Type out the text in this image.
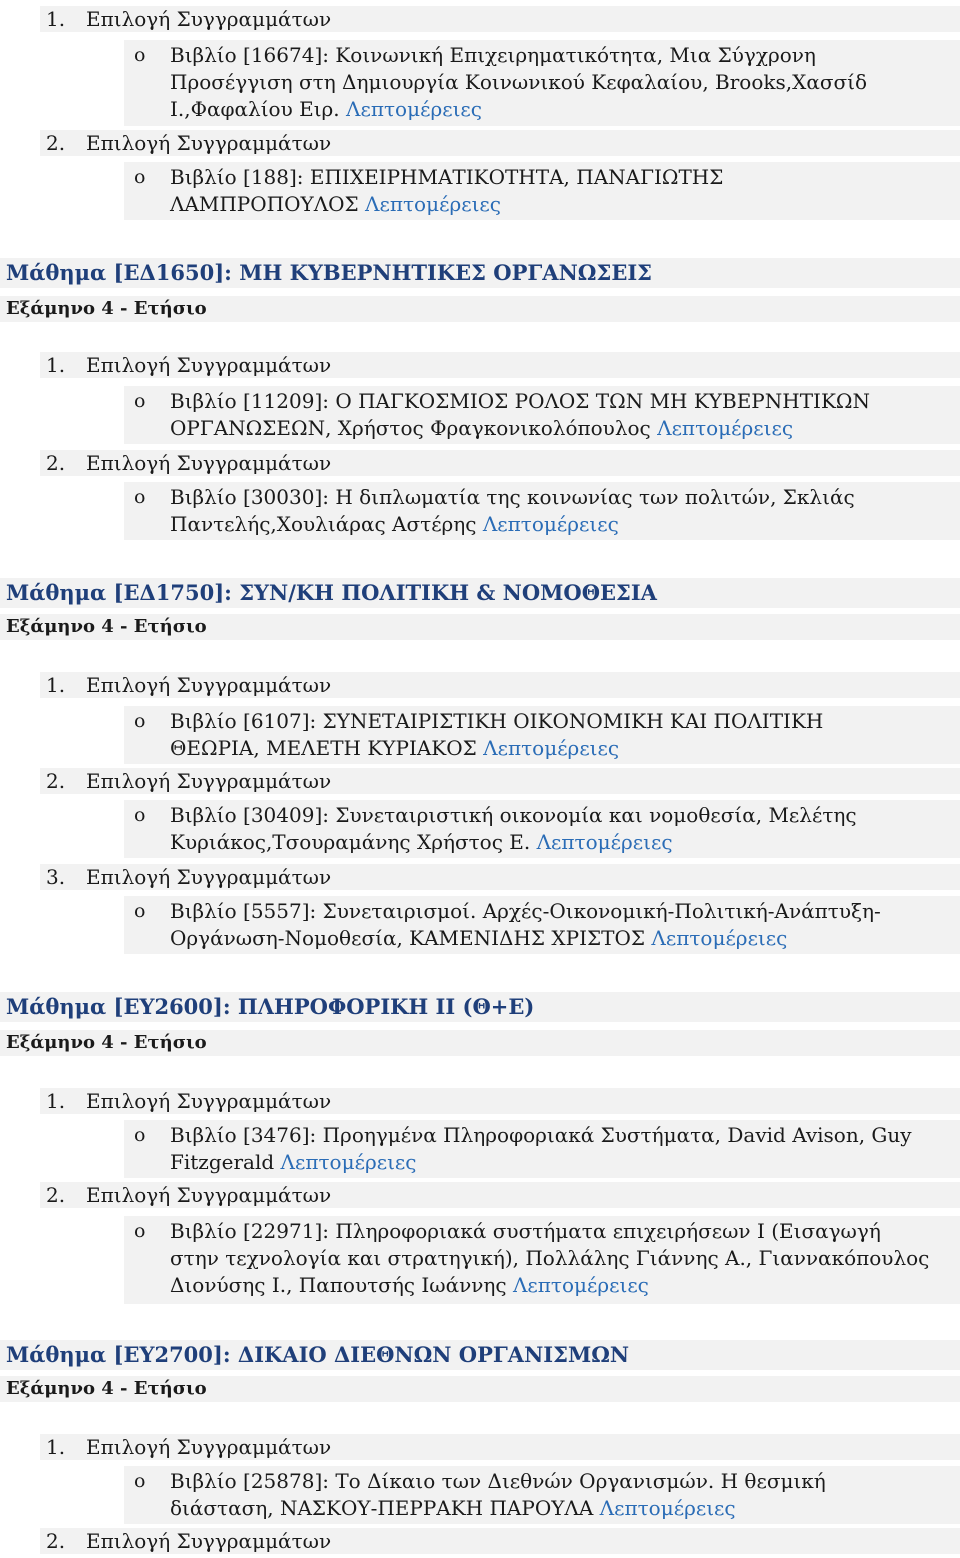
1. Επιλογή Συγγραμμάτων
o Βιβλίο [16674]: Κοινωνική Επιχειρηματικότητα, Μια Σύγχρονη
Προσέγγιση στη Δημιουργία Κοινωνικού Κεφαλαίου, Brooks,Χασσίδ
Ι.,Φαφαλίου Ειρ. Λεπτομέρειες
2. Επιλογή Συγγραμμάτων
o Βιβλίο [188]: ΕΠΙΧΕΙΡΗΜΑΤΙΚΟΤΗΤΑ, ΠΑΝΑΓΙΩΤΗΣ
ΛΑΜΠΡΟΠΟΥΛΟΣ Λεπτομέρειες
Μάθημα [ΕΔ1650]: ΜΗ ΚΥΒΕΡΝΗΤΙΚΕΣ ΟΡΓΑΝΩΣΕΙΣ
Εξάμηνο 4 - Ετήσιο
1. Επιλογή Συγγραμμάτων
o Βιβλίο [11209]: Ο ΠΑΓΚΟΣΜΙΟΣ ΡΟΛΟΣ ΤΩΝ ΜΗ ΚΥΒΕΡΝΗΤΙΚΩΝ
ΟΡΓΑΝΩΣΕΩΝ, Χρήστος Φραγκονικολόπουλος Λεπτομέρειες
2. Επιλογή Συγγραμμάτων
o Βιβλίο [30030]: Η διπλωματία της κοινωνίας των πολιτών, Σκλιάς
Παντελής,Χουλιάρας Αστέρης Λεπτομέρειες
Μάθημα [ΕΔ1750]: ΣΥΝ/ΚΗ ΠΟΛΙΤΙΚΗ & ΝΟΜΟΘΕΣΙΑ
Εξάμηνο 4 - Ετήσιο
1. Επιλογή Συγγραμμάτων
o Βιβλίο [6107]: ΣΥΝΕΤΑΙΡΙΣΤΙΚΗ ΟΙΚΟΝΟΜΙΚΗ ΚΑΙ ΠΟΛΙΤΙΚΗ
ΘΕΩΡΙΑ, ΜΕΛΕΤΗ ΚΥΡΙΑΚΟΣ Λεπτομέρειες
2. Επιλογή Συγγραμμάτων
o Βιβλίο [30409]: Συνεταιριστική οικονομία και νομοθεσία, Μελέτης
Κυριάκος,Τσουραμάνης Χρήστος Ε. Λεπτομέρειες
3. Επιλογή Συγγραμμάτων
o Βιβλίο [5557]: Συνεταιρισμοί. Αρχές-Οικονομική-Πολιτική-Ανάπτυξη-
Οργάνωση-Νομοθεσία, ΚΑΜΕΝΙΔΗΣ ΧΡΙΣΤΟΣ Λεπτομέρειες
Μάθημα [ΕΥ2600]: ΠΛΗΡΟΦΟΡΙΚΗ ΙΙ (Θ+Ε)
Εξάμηνο 4 - Ετήσιο
1. Επιλογή Συγγραμμάτων
o Βιβλίο [3476]: Προηγμένα Πληροφοριακά Συστήματα, David Avison, Guy
Fitzgerald Λεπτομέρειες
2. Επιλογή Συγγραμμάτων
o Βιβλίο [22971]: Πληροφοριακά συστήματα επιχειρήσεων Ι (Εισαγωγή
στην τεχνολογία και στρατηγική), Πολλάλης Γιάννης Α., Γιαννακόπουλος
Διονύσης Ι., Παπουτσής Ιωάννης Λεπτομέρειες
Μάθημα [ΕΥ2700]: ΔΙΚΑΙΟ ΔΙΕΘΝΩΝ ΟΡΓΑΝΙΣΜΩΝ
Εξάμηνο 4 - Ετήσιο
1. Επιλογή Συγγραμμάτων
o Βιβλίο [25878]: Το Δίκαιο των Διεθνών Οργανισμών. Η θεσμική
διάσταση, ΝΑΣΚΟΥ-ΠΕΡΡΑΚΗ ΠΑΡΟΥΛΑ Λεπτομέρειες
2. Επιλογή Συγγραμμάτων
